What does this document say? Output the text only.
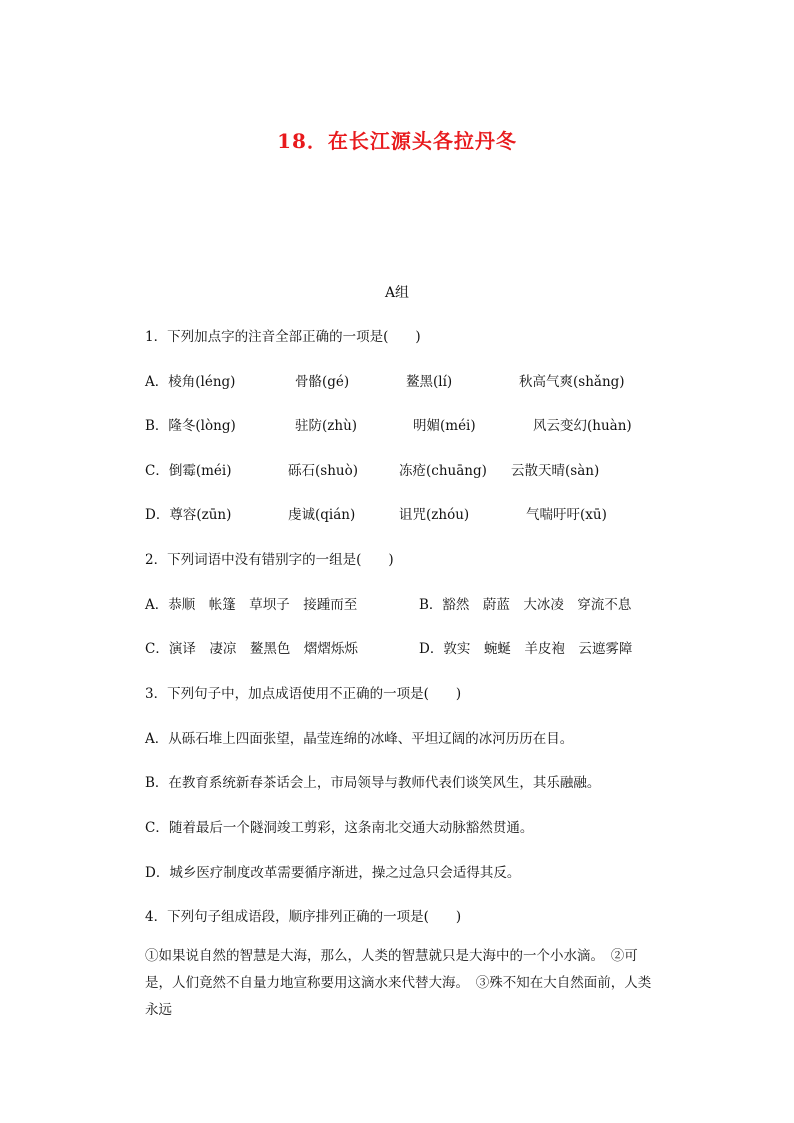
18．在长江源头各拉丹冬
A组
1．下列加点字的注音全部正确的一项是(　　)
A．棱角(léng)	骨骼(gé)	鳌黑(lí)	秋高气爽(shǎng)
B．隆冬(lòng)	驻防(zhù)	明媚(méi)	风云变幻(huàn)
C．倒霉(méi)	砾石(shuò)	冻疮(chuāng) 云散天晴(sàn)
D．尊容(zūn)	虔诚(qián)	诅咒(zhóu)	气喘吁吁(xū)
2．下列词语中没有错别字的一组是(　　)
A．恭顺　帐篷　草坝子　接踵而至	B．豁然　蔚蓝　大冰凌　穿流不息
C．演译　凄凉　鳌黑色　熠熠烁烁	D．敦实　蜿蜒　羊皮袍　云遮雾障
3．下列句子中，加点成语使用不正确的一项是(　　)
A．从砾石堆上四面张望，晶莹连绵的冰峰、平坦辽阔的冰河历历在目。
B．在教育系统新春茶话会上，市局领导与教师代表们谈笑风生，其乐融融。
C．随着最后一个隧洞竣工剪彩，这条南北交通大动脉豁然贯通。
D．城乡医疗制度改革需要循序渐进，操之过急只会适得其反。
4．下列句子组成语段，顺序排列正确的一项是(　　)
①如果说自然的智慧是大海，那么，人类的智慧就只是大海中的一个小水滴。　②可是，人们竟然不自量力地宣称要用这滴水来代替大海。　③殊不知在大自然面前，人类永远
